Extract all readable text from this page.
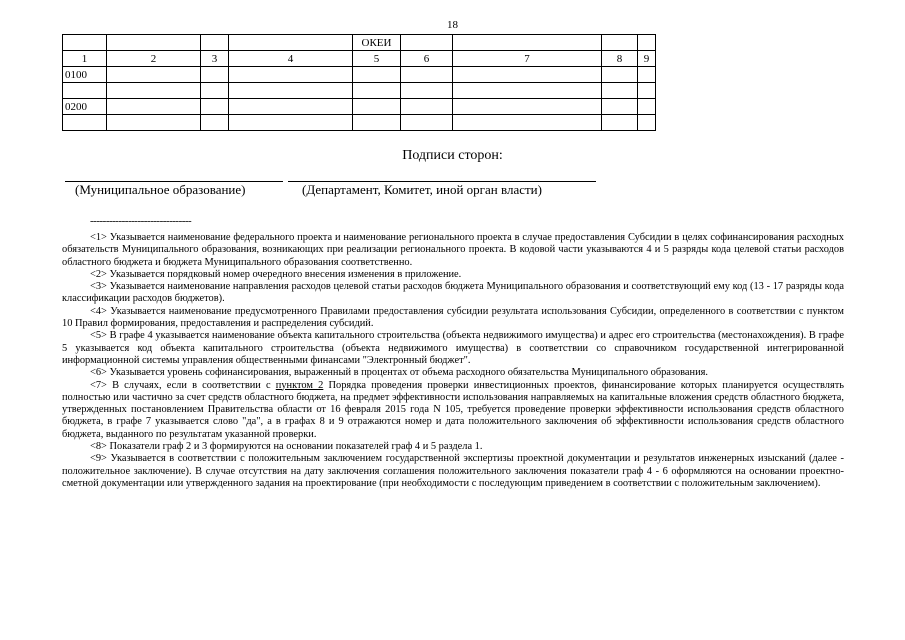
18
				ОКЕИ				
1	2	3	4	5	6	7	8	9
0100								

0200								

Подписи сторон:
(Муниципальное образование)	(Департамент, Комитет, иной орган власти)
--------------------------------

<1> Указывается наименование федерального проекта и наименование регионального проекта в случае предоставления Субсидии в целях софинансирования расходных обязательств Муниципального образования, возникающих при реализации регионального проекта. В кодовой части указываются 4 и 5 разряды кода целевой статьи расходов областного бюджета и бюджета Муниципального образования соответственно.

<2> Указывается порядковый номер очередного внесения изменения в приложение.

<3> Указывается наименование направления расходов целевой статьи расходов бюджета Муниципального образования и соответствующий ему код (13 - 17 разряды кода классификации расходов бюджетов).

<4> Указывается наименование предусмотренного Правилами предоставления субсидии результата использования Субсидии, определенного в соответствии с пунктом 10 Правил формирования, предоставления и распределения субсидий.

<5> В графе 4 указывается наименование объекта капитального строительства (объекта недвижимого имущества) и адрес его строительства (местонахождения). В графе 5 указывается код объекта капитального строительства (объекта недвижимого имущества) в соответствии со справочником государственной интегрированной информационной системы управления общественными финансами "Электронный бюджет".

<6> Указывается уровень софинансирования, выраженный в процентах от объема расходного обязательства Муниципального образования.

<7> В случаях, если в соответствии с пунктом 2 Порядка проведения проверки инвестиционных проектов, финансирование которых планируется осуществлять полностью или частично за счет средств областного бюджета, на предмет эффективности использования направляемых на капитальные вложения средств областного бюджета, утвержденных постановлением Правительства области от 16 февраля 2015 года N 105, требуется проведение проверки эффективности использования средств областного бюджета, в графе 7 указывается слово "да", а в графах 8 и 9 отражаются номер и дата положительного заключения об эффективности использования средств областного бюджета, выданного по результатам указанной проверки.

<8> Показатели граф 2 и 3 формируются на основании показателей граф 4 и 5 раздела 1.

<9> Указывается в соответствии с положительным заключением государственной экспертизы проектной документации и результатов инженерных изысканий (далее - положительное заключение). В случае отсутствия на дату заключения соглашения положительного заключения показатели граф 4 - 6 оформляются на основании проектно-сметной документации или утвержденного задания на проектирование (при необходимости с последующим приведением в соответствии с положительным заключением).
